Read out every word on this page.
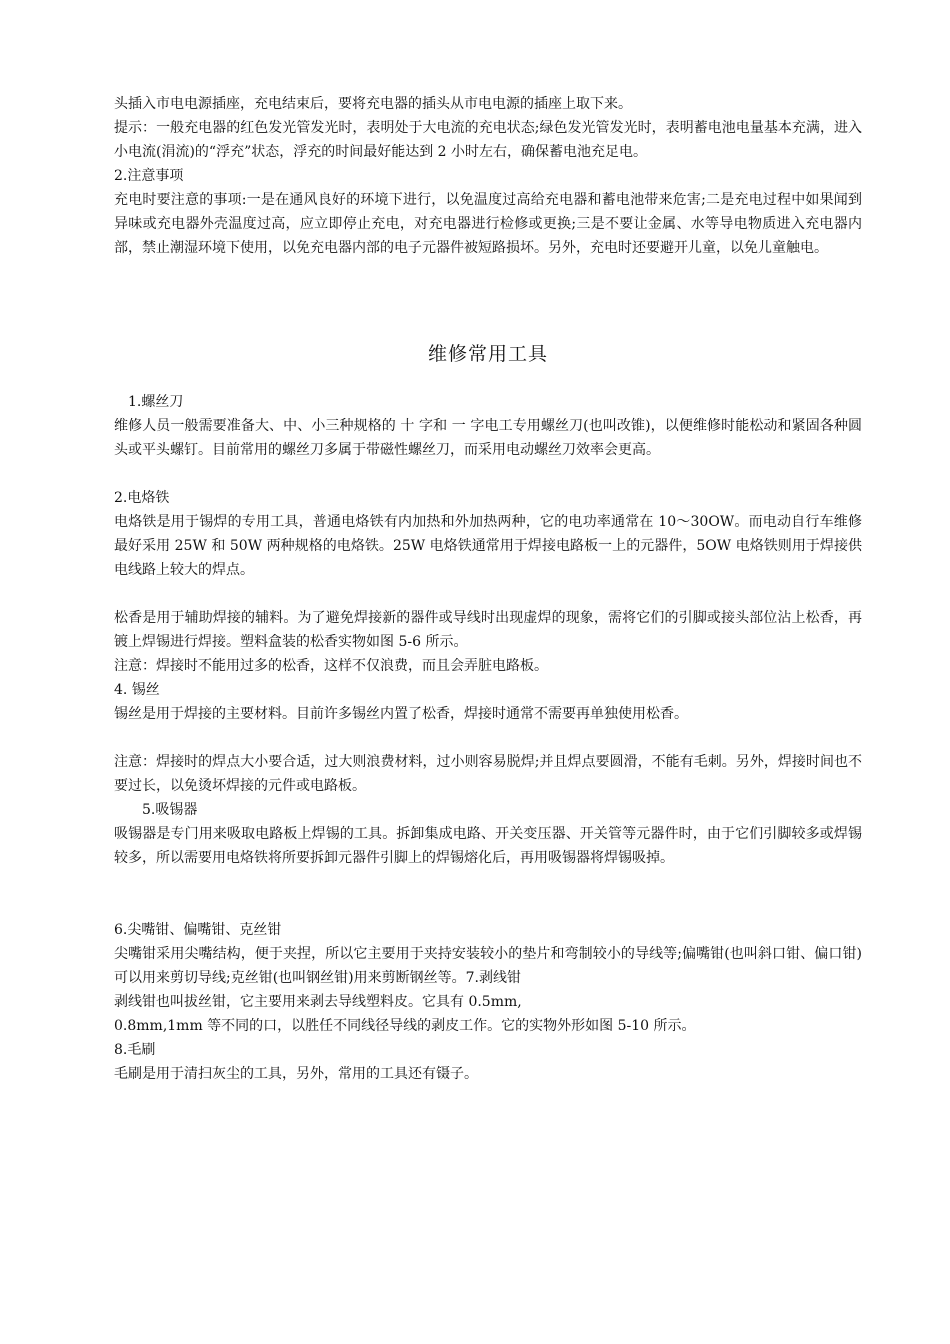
头插入市电电源插座，充电结束后，要将充电器的插头从市电电源的插座上取下来。

提示：一般充电器的红色发光管发光时，表明处于大电流的充电状态;绿色发光管发光时，表明蓄电池电量基本充满，进入小电流(涓流)的“浮充”状态，浮充的时间最好能达到 2 小时左右，确保蓄电池充足电。

2.注意事项

充电时要注意的事项:一是在通风良好的环境下进行，以免温度过高给充电器和蓄电池带来危害;二是充电过程中如果闻到异味或充电器外壳温度过高，应立即停止充电，对充电器进行检修或更换;三是不要让金属、水等导电物质进入充电器内部，禁止潮湿环境下使用，以免充电器内部的电子元器件被短路损坏。另外，充电时还要避开儿童，以免儿童触电。

维修常用工具

1.螺丝刀

维修人员一般需要准备大、中、小三种规格的 十 字和 一 字电工专用螺丝刀(也叫改锥)，以便维修时能松动和紧固各种圆头或平头螺钉。目前常用的螺丝刀多属于带磁性螺丝刀，而采用电动螺丝刀效率会更高。

2.电烙铁

电烙铁是用于锡焊的专用工具，普通电烙铁有内加热和外加热两种，它的电功率通常在 10～30OW。而电动自行车维修最好采用 25W 和 50W 两种规格的电烙铁。25W 电烙铁通常用于焊接电路板一上的元器件，5OW 电烙铁则用于焊接供电线路上较大的焊点。

松香是用于辅助焊接的辅料。为了避免焊接新的器件或导线时出现虚焊的现象，需将它们的引脚或接头部位沾上松香，再镀上焊锡进行焊接。塑料盒装的松香实物如图 5-6 所示。

注意：焊接时不能用过多的松香，这样不仅浪费，而且会弄脏电路板。

4. 锡丝

锡丝是用于焊接的主要材料。目前许多锡丝内置了松香，焊接时通常不需要再单独使用松香。

注意：焊接时的焊点大小要合适，过大则浪费材料，过小则容易脱焊;并且焊点要圆滑，不能有毛刺。另外，焊接时间也不要过长，以免烫坏焊接的元件或电路板。

5.吸锡器

吸锡器是专门用来吸取电路板上焊锡的工具。拆卸集成电路、开关变压器、开关管等元器件时，由于它们引脚较多或焊锡较多，所以需要用电烙铁将所要拆卸元器件引脚上的焊锡熔化后，再用吸锡器将焊锡吸掉。

6.尖嘴钳、偏嘴钳、克丝钳

尖嘴钳采用尖嘴结构，便于夹捏，所以它主要用于夹持安装较小的垫片和弯制较小的导线等;偏嘴钳(也叫斜口钳、偏口钳)可以用来剪切导线;克丝钳(也叫钢丝钳)用来剪断钢丝等。7.剥线钳

剥线钳也叫拔丝钳，它主要用来剥去导线塑料皮。它具有 0.5mm,

0.8mm,1mm 等不同的口，以胜任不同线径导线的剥皮工作。它的实物外形如图 5-10 所示。

8.毛刷

毛刷是用于清扫灰尘的工具，另外，常用的工具还有镊子。
